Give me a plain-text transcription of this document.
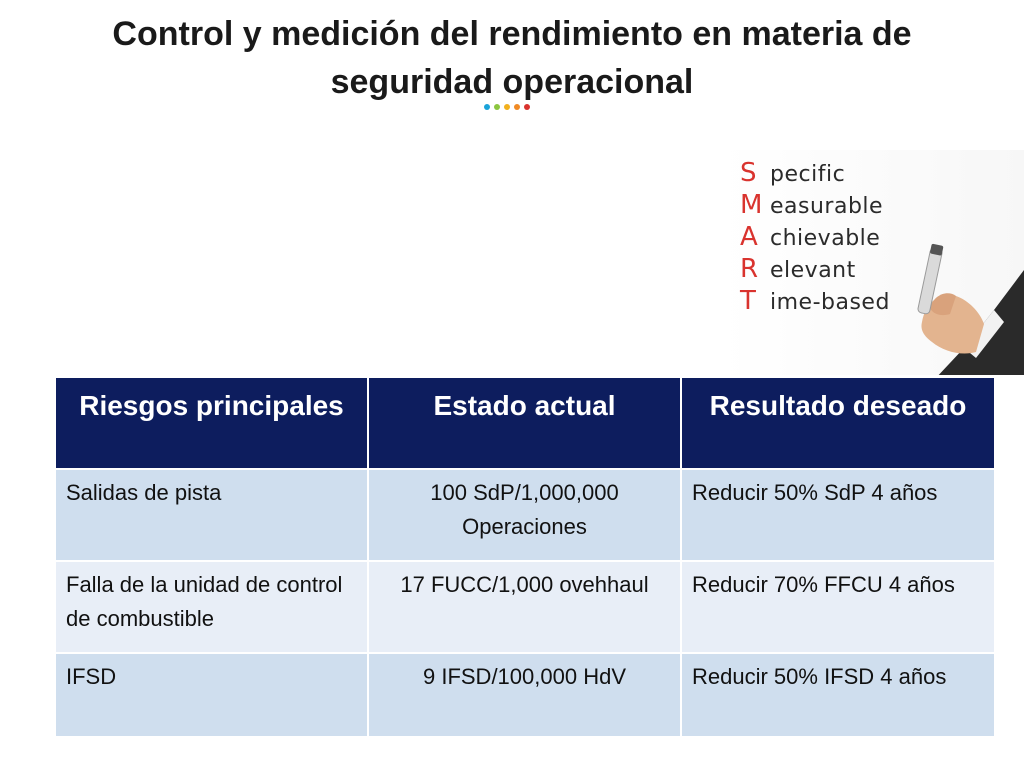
Control y medición del rendimiento en materia de seguridad operacional
S pecific
M easurable
A chievable
R elevant
T ime-based
Riesgos principales	Estado actual	Resultado deseado
Salidas de pista	100 SdP/1,000,000 Operaciones	Reducir 50% SdP 4 años
Falla de la unidad de control de combustible	17 FUCC/1,000 ovehhaul	Reducir 70% FFCU 4 años
IFSD	9 IFSD/100,000 HdV	Reducir 50% IFSD 4 años
